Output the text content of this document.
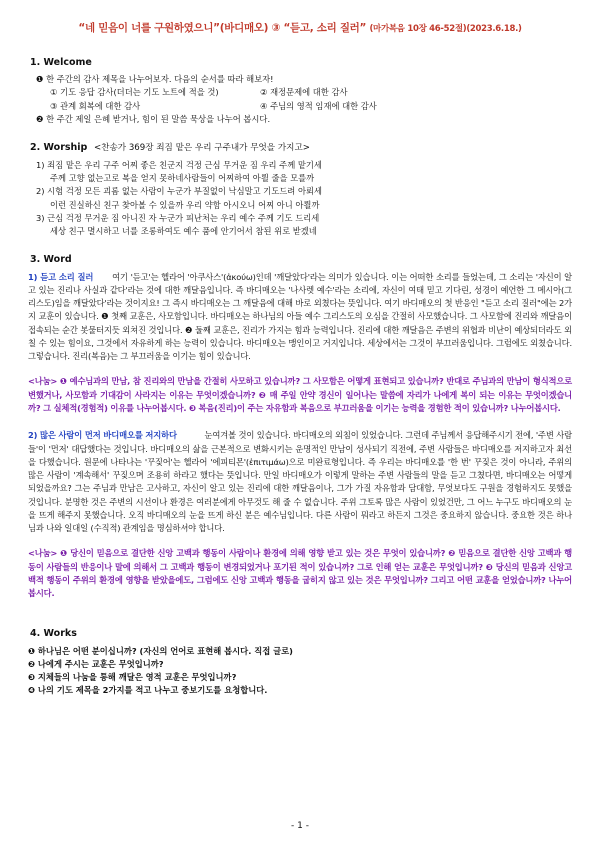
“네 믿음이 너를 구원하였으니”(바디매오) ③ “듣고, 소리 질러” (마가복음 10장 46-52절)(2023.6.18.)
1. Welcome

❶ 한 주간의 감사 제목을 나누어보자. 다음의 순서를 따라 해보자!

① 기도 응답 감사(더더는 기도 노트에 적을 것)	② 재정문제에 대한 감사
③ 관계 회복에 대한 감사	④ 주님의 영적 임재에 대한 감사

❷ 한 주간 제일 은혜 받거나, 힘이 된 말씀 묵상을 나누어 봅시다.

2. Worship <찬송가 369장 죄짐 맡은 우리 구주내가 무엇을 가지고>

1) 죄짐 맡은 우리 구주 어찌 좋은 친군지 걱정 근심 무거운 짐 우리 주께 맡기세

주께 고향 없는고로 복을 얻지 못하네사람들이 어찌하여 아뢸 줄을 모를까

2) 시험 걱정 모든 괴롬 없는 사람이 누군가 부질없이 낙심말고 기도드려 아뢰세

이런 진실하신 친구 찾아볼 수 있을까 우리 약함 아시오니 어찌 아니 아뢸까

3) 근심 걱정 무거운 짐 아니진 자 누군가 피난처는 우리 예수 주께 기도 드리세

세상 친구 멸시하고 너를 조롱하여도 예수 품에 안기어서 참된 위로 받겠네

3. Word

1) 듣고 소리 질러 여기 '듣고'는 헬라어 '아쿠사스'(ἀκούω)인데 '깨달았다'라는 의미가 있습니다. 이는 어떠한 소리를 들었는데, 그 소리는 '자신이 알고 있는 진리나 사실과 같다'라는 것에 대한 깨달음입니다. 즉 바디매오는 '나사렛 예수'라는 소리에, 자신이 여태 믿고 기다린, 성경이 예언한 그 메시아(그리스도)임을 깨달았다'라는 것이지요! 그 즉시 바디매오는 그 깨달음에 대해 바로 외쳤다는 뜻입니다. 여기 바디매오의 첫 반응인 "듣고 소리 질러"에는 2가지 교훈이 있습니다. ❶ 첫째 교훈은, 사모함입니다. 바디매오는 하나님의 아들 예수 그리스도의 오심을 간절히 사모했습니다. 그 사모함에 진리와 깨달음이 접속되는 순간 봇물터지듯 외쳐진 것입니다. ❷ 둘째 교훈은, 진리가 가지는 힘과 능력입니다. 진리에 대한 깨달음은 주변의 위협과 비난이 예상되더라도 외칠 수 있는 힘이요, 그것에서 자유하게 하는 능력이 있습니다. 바디매오는 맹인이고 거지입니다. 세상에서는 그것이 부끄러움입니다. 그럼에도 외쳤습니다. 그렇습니다. 진리(복음)는 그 부끄러움을 이기는 힘이 있습니다.

<나눔> ❶ 예수님과의 만남, 참 진리와의 만남을 간절히 사모하고 있습니까? 그 사모함은 어떻게 표현되고 있습니까? 반대로 주님과의 만남이 형식적으로 변했거나, 사모함과 기대감이 사라지는 이유는 무엇이겠습니까? ❷ 매 주일 안약 경신이 일어나는 말씀에 자리가 나에게 복이 되는 이유는 무엇이겠습니까? 그 실체적(경험적) 이유를 나누어봅시다. ❸ 복음(진리)이 주는 자유함과 복음으로 부끄러움을 이기는 능력을 경험한 적이 있습니까? 나누어봅시다.

2) 많은 사람이 먼저 바디매오를 저지하다	눈여겨볼 것이 있습니다. 바디매오의 외침이 있었습니다. 그런데 주님께서 응답해주시기 전에, '주변 사람들'이 '먼저' 대답했다는 것입니다. 바디매오의 삶을 근본적으로 변화시키는 운명적인 만남이 성사되기 직전에, 주변 사람들은 바디매오를 저지하고자 최선을 다했습니다. 원문에 나타나는 '꾸짖어'는 헬라어 '에피티몬'(ἐπιτιμάω)으로 미완료형입니다. 즉 우리는 바디매오를 '한 번' 꾸짖은 것이 아니라, 주위의 많은 사람이 '계속해서' 꾸짖으며 조용히 하라고 했다는 뜻입니다. 만일 바디매오가 이렇게 말하는 주변 사람들의 말을 듣고 그쳤다면, 바디매오는 어떻게 되었을까요? 그는 주님과 만남은 고사하고, 자신이 알고 있는 진리에 대한 깨달음이나, 그가 가질 자유함과 담대함, 무엇보다도 구원을 경험하지도 못했을 것입니다. 분명한 것은 주변의 시선이나 환경은 여러분에게 아무것도 해 줄 수 없습니다. 주위 그토록 많은 사람이 있었건만, 그 어느 누구도 바디매오의 눈을 뜨게 해주지 못했습니다. 오직 바디매오의 눈을 뜨게 하신 분은 예수님입니다. 다른 사람이 뭐라고 하든지 그것은 중요하지 않습니다. 중요한 것은 하나님과 나와 일대일 (수직적) 관계임을 명심하셔야 합니다.

<나눔> ❶ 당신이 믿음으로 결단한 신앙 고백과 행동이 사람이나 환경에 의해 영향 받고 있는 것은 무엇이 있습니까? ❷ 믿음으로 결단한 신앙 고백과 행동이 사람들의 반응이나 말에 의해서 그 고백과 행동이 변경되었거나 포기된 적이 있습니까? 그로 인해 얻는 교훈은 무엇입니까? ❸ 당신의 믿음과 신앙고백적 행동이 주위의 환경에 영향을 받았을에도, 그럼에도 신앙 고백과 행동을 굽히지 않고 있는 것은 무엇입니까? 그리고 어떤 교훈을 얻었습니까? 나누어 봅시다.

4. Works

❶ 하나님은 어떤 분이십니까? (자신의 언어로 표현해 봅시다. 직접 글로)

❷ 나에게 주시는 교훈은 무엇입니까?

❸ 지체들의 나눔을 통해 깨달은 영적 교훈은 무엇입니까?

❹ 나의 기도 제목을 2가지를 적고 나누고 중보기도를 요청합니다.

- 1 -
